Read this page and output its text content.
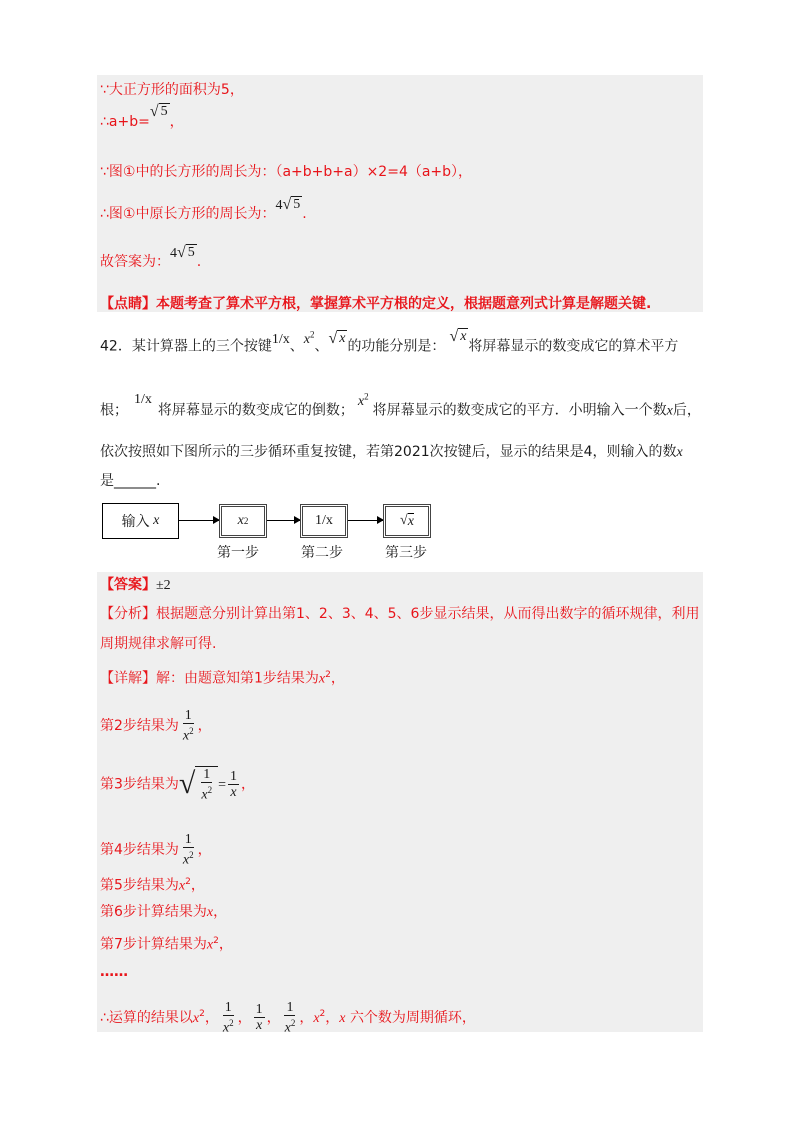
∵大正方形的面积为5，
∴a+b=
√ 5
，
∵图①中的长方形的周长为：（a+b+b+a）×2=4（a+b），
∴图①中原长方形的周长为：
4 √ 5
.
故答案为：
4 √ 5
.
【点睛】本题考查了算术平方根，掌握算术平方根的定义，根据题意列式计算是解题关键.
42．某计算器上的三个按键1/x、$x^2$、 √ x
的功能分别是：
√ x
将屏幕显示的数变成它的算术平方
根；1/x将屏幕显示的数变成它的倒数；$x^2$将屏幕显示的数变成它的平方．小明输入一个数x后，
依次按照如下图所示的三步循环重复按键，若第2021次按键后，显示的结果是4，则输入的数x
是______.
输入
x	x 2	1/x	√ x
第一步	第二步	第三步
【答案】±2
【分析】根据题意分别计算出第1、2、3、4、5、6步显示结果，从而得出数字的循环规律，利用
周期规律求解可得.
【详解】解：由题意知第1步结果为$x^2$，
第2步结果为 $\frac{1}{x^2}$ ，
第3步结果为 √ $\frac{1}{x^2} = \frac{1}{x}$ ，
第4步结果为 $\frac{1}{x^2}$ ，
第5步结果为$x^2$，
第6步计算结果为x，
第7步计算结果为$x^2$，
……
∴运算的结果以$x^2$， $\frac{1}{x^2}$ ， $\frac{1}{x}$ ， $\frac{1}{x^2}$ ，$x^2$，x 六个数为周期循环，
